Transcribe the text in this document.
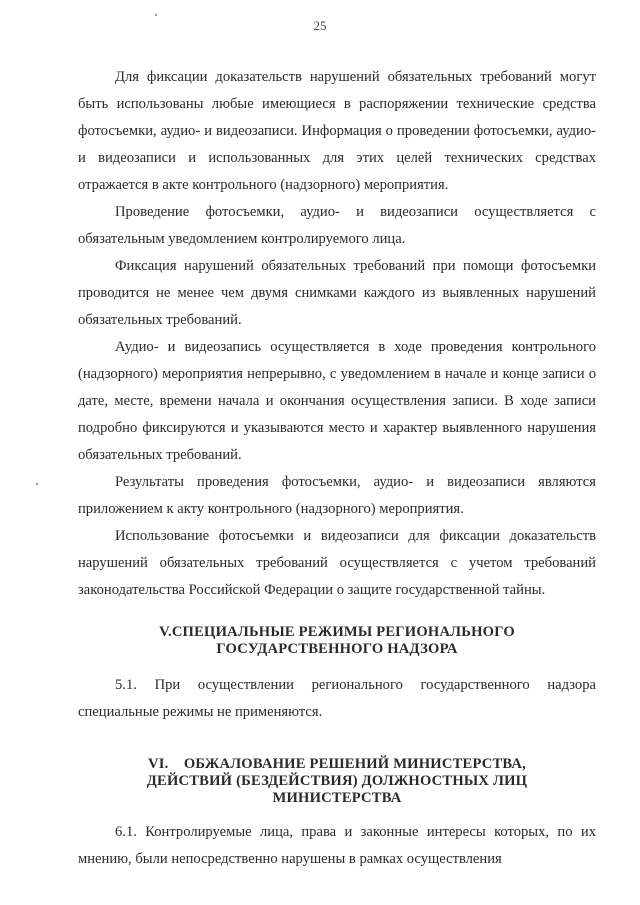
25

Для фиксации доказательств нарушений обязательных требований могут быть использованы любые имеющиеся в распоряжении технические средства фотосъемки, аудио- и видеозаписи. Информация о проведении фотосъемки, аудио- и видеозаписи и использованных для этих целей технических средствах отражается в акте контрольного (надзорного) мероприятия.

Проведение фотосъемки, аудио- и видеозаписи осуществляется с обязательным уведомлением контролируемого лица.

Фиксация нарушений обязательных требований при помощи фотосъемки проводится не менее чем двумя снимками каждого из выявленных нарушений обязательных требований.

Аудио- и видеозапись осуществляется в ходе проведения контрольного (надзорного) мероприятия непрерывно, с уведомлением в начале и конце записи о дате, месте, времени начала и окончания осуществления записи. В ходе записи подробно фиксируются и указываются место и характер выявленного нарушения обязательных требований.

Результаты проведения фотосъемки, аудио- и видеозаписи являются приложением к акту контрольного (надзорного) мероприятия.

Использование фотосъемки и видеозаписи для фиксации доказательств нарушений обязательных требований осуществляется с учетом требований законодательства Российской Федерации о защите государственной тайны.

V.СПЕЦИАЛЬНЫЕ РЕЖИМЫ РЕГИОНАЛЬНОГО
ГОСУДАРСТВЕННОГО НАДЗОРА

5.1. При осуществлении регионального государственного надзора специальные режимы не применяются.

VI.    ОБЖАЛОВАНИЕ РЕШЕНИЙ МИНИСТЕРСТВА,
ДЕЙСТВИЙ (БЕЗДЕЙСТВИЯ) ДОЛЖНОСТНЫХ ЛИЦ
МИНИСТЕРСТВА

6.1. Контролируемые лица, права и законные интересы которых, по их мнению, были непосредственно нарушены в рамках осуществления
